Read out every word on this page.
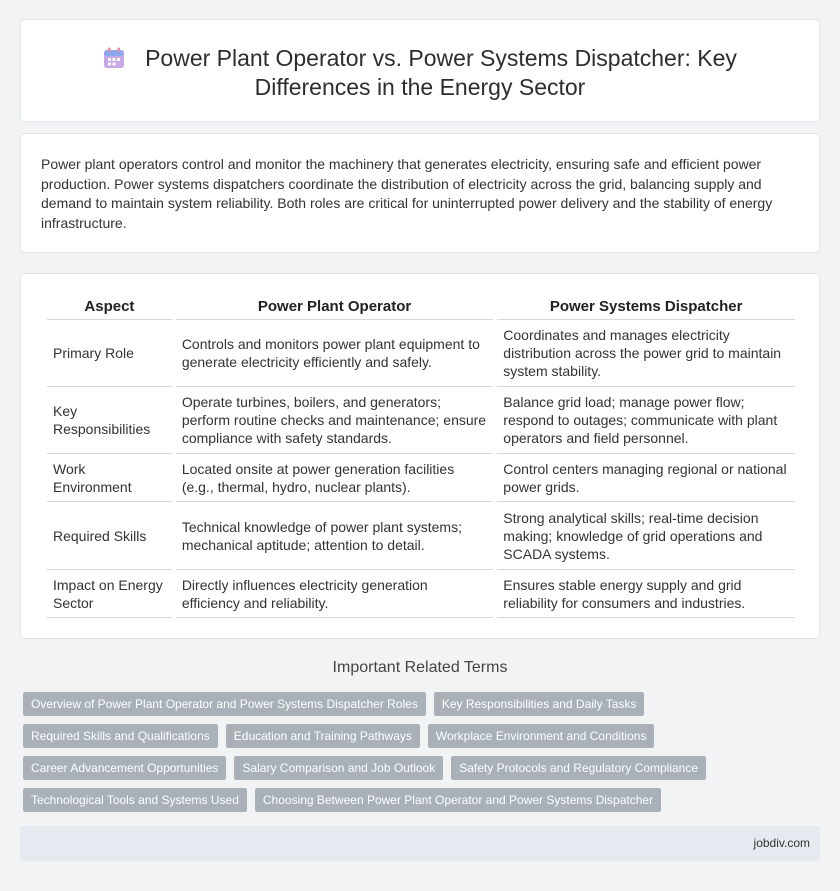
Power Plant Operator vs. Power Systems Dispatcher: Key Differences in the Energy Sector

Power plant operators control and monitor the machinery that generates electricity, ensuring safe and efficient power production. Power systems dispatchers coordinate the distribution of electricity across the grid, balancing supply and demand to maintain system reliability. Both roles are critical for uninterrupted power delivery and the stability of energy infrastructure.

Aspect	Power Plant Operator	Power Systems Dispatcher
Primary Role	Controls and monitors power plant equipment to generate electricity efficiently and safely.	Coordinates and manages electricity distribution across the power grid to maintain system stability.
Key Responsibilities	Operate turbines, boilers, and generators; perform routine checks and maintenance; ensure compliance with safety standards.	Balance grid load; manage power flow; respond to outages; communicate with plant operators and field personnel.
Work Environment	Located onsite at power generation facilities (e.g., thermal, hydro, nuclear plants).	Control centers managing regional or national power grids.
Required Skills	Technical knowledge of power plant systems; mechanical aptitude; attention to detail.	Strong analytical skills; real-time decision making; knowledge of grid operations and SCADA systems.
Impact on Energy Sector	Directly influences electricity generation efficiency and reliability.	Ensures stable energy supply and grid reliability for consumers and industries.
Important Related Terms
Overview of Power Plant Operator and Power Systems Dispatcher Roles	Key Responsibilities and Daily Tasks
Required Skills and Qualifications	Education and Training Pathways	Workplace Environment and Conditions
Career Advancement Opportunities	Salary Comparison and Job Outlook	Safety Protocols and Regulatory Compliance
Technological Tools and Systems Used	Choosing Between Power Plant Operator and Power Systems Dispatcher
jobdiv.com
